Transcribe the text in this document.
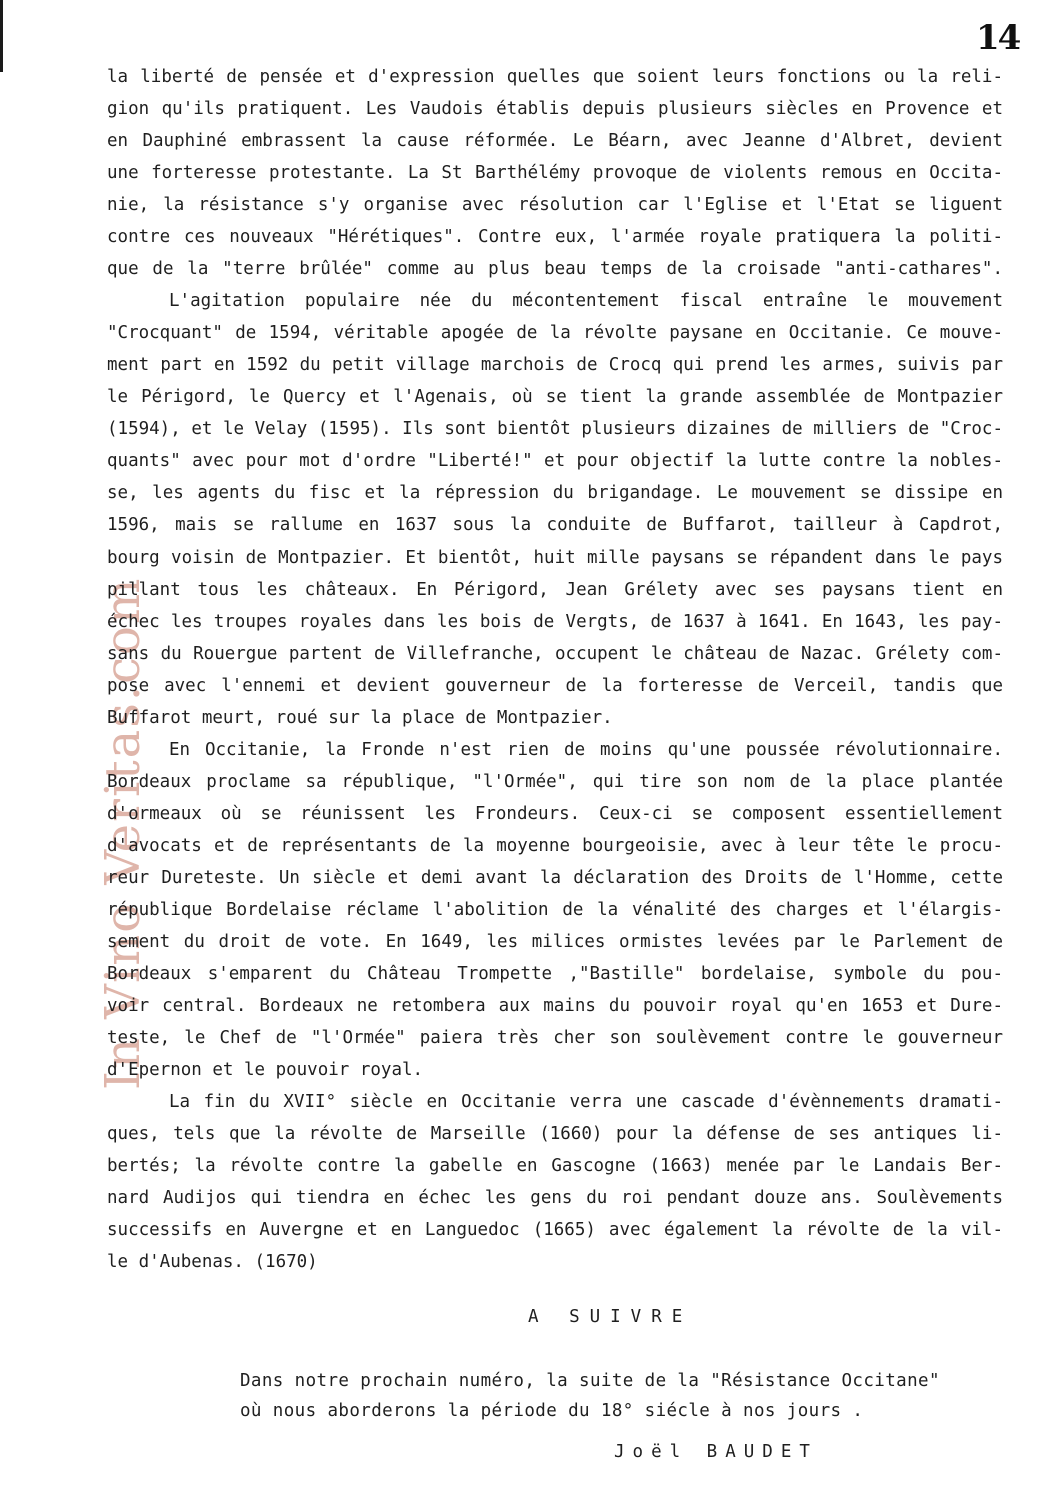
14
In Vino Veritas.com
la liberté de pensée et d'expression quelles que soient leurs fonctions ou la reli-
gion qu'ils pratiquent. Les Vaudois établis depuis plusieurs siècles en Provence et
en Dauphiné embrassent la cause réformée. Le Béarn, avec Jeanne d'Albret, devient
une forteresse protestante. La St Barthélémy provoque de violents remous en Occita-
nie, la résistance s'y organise avec résolution car l'Eglise et l'Etat se liguent
contre ces nouveaux "Hérétiques". Contre eux, l'armée royale pratiquera la politi-
que de la "terre brûlée" comme au plus beau temps de la croisade "anti-cathares".
L'agitation populaire née du mécontentement fiscal entraîne le mouvement
"Crocquant" de 1594, véritable apogée de la révolte paysane en Occitanie. Ce mouve-
ment part en 1592 du petit village marchois de Crocq qui prend les armes, suivis par
le Périgord, le Quercy et l'Agenais, où se tient la grande assemblée de Montpazier
(1594), et le Velay (1595). Ils sont bientôt plusieurs dizaines de milliers de "Croc-
quants" avec pour mot d'ordre "Liberté!" et pour objectif la lutte contre la nobles-
se, les agents du fisc et la répression du brigandage. Le mouvement se dissipe en
1596, mais se rallume en 1637 sous la conduite de Buffarot, tailleur à Capdrot,
bourg voisin de Montpazier. Et bientôt, huit mille paysans se répandent dans le pays
pillant tous les châteaux. En Périgord, Jean Grélety avec ses paysans tient en
échec les troupes royales dans les bois de Vergts, de 1637 à 1641. En 1643, les pay-
sans du Rouergue partent de Villefranche, occupent le château de Nazac. Grélety com-
pose avec l'ennemi et devient gouverneur de la forteresse de Verceil, tandis que
Buffarot meurt, roué sur la place de Montpazier.
En Occitanie, la Fronde n'est rien de moins qu'une poussée révolutionnaire.
Bordeaux proclame sa république, "l'Ormée", qui tire son nom de la place plantée
d'ormeaux où se réunissent les Frondeurs. Ceux-ci se composent essentiellement
d'avocats et de représentants de la moyenne bourgeoisie, avec à leur tête le procu-
reur Dureteste. Un siècle et demi avant la déclaration des Droits de l'Homme, cette
république Bordelaise réclame l'abolition de la vénalité des charges et l'élargis-
sement du droit de vote. En 1649, les milices ormistes levées par le Parlement de
Bordeaux s'emparent du Château Trompette ,"Bastille" bordelaise, symbole du pou-
voir central. Bordeaux ne retombera aux mains du pouvoir royal qu'en 1653 et Dure-
teste, le Chef de "l'Ormée" paiera très cher son soulèvement contre le gouverneur
d'Epernon et le pouvoir royal.
La fin du XVII° siècle en Occitanie verra une cascade d'évènnements dramati-
ques, tels que la révolte de Marseille (1660) pour la défense de ses antiques li-
bertés; la révolte contre la gabelle en Gascogne (1663) menée par le Landais Ber-
nard Audijos qui tiendra en échec les gens du roi pendant douze ans. Soulèvements
successifs en Auvergne et en Languedoc (1665) avec également la révolte de la vil-
le d'Aubenas. (1670)
A SUIVRE
Dans notre prochain numéro, la suite de la "Résistance Occitane"
où nous aborderons la période du 18° siécle à nos jours .
Joël BAUDET
